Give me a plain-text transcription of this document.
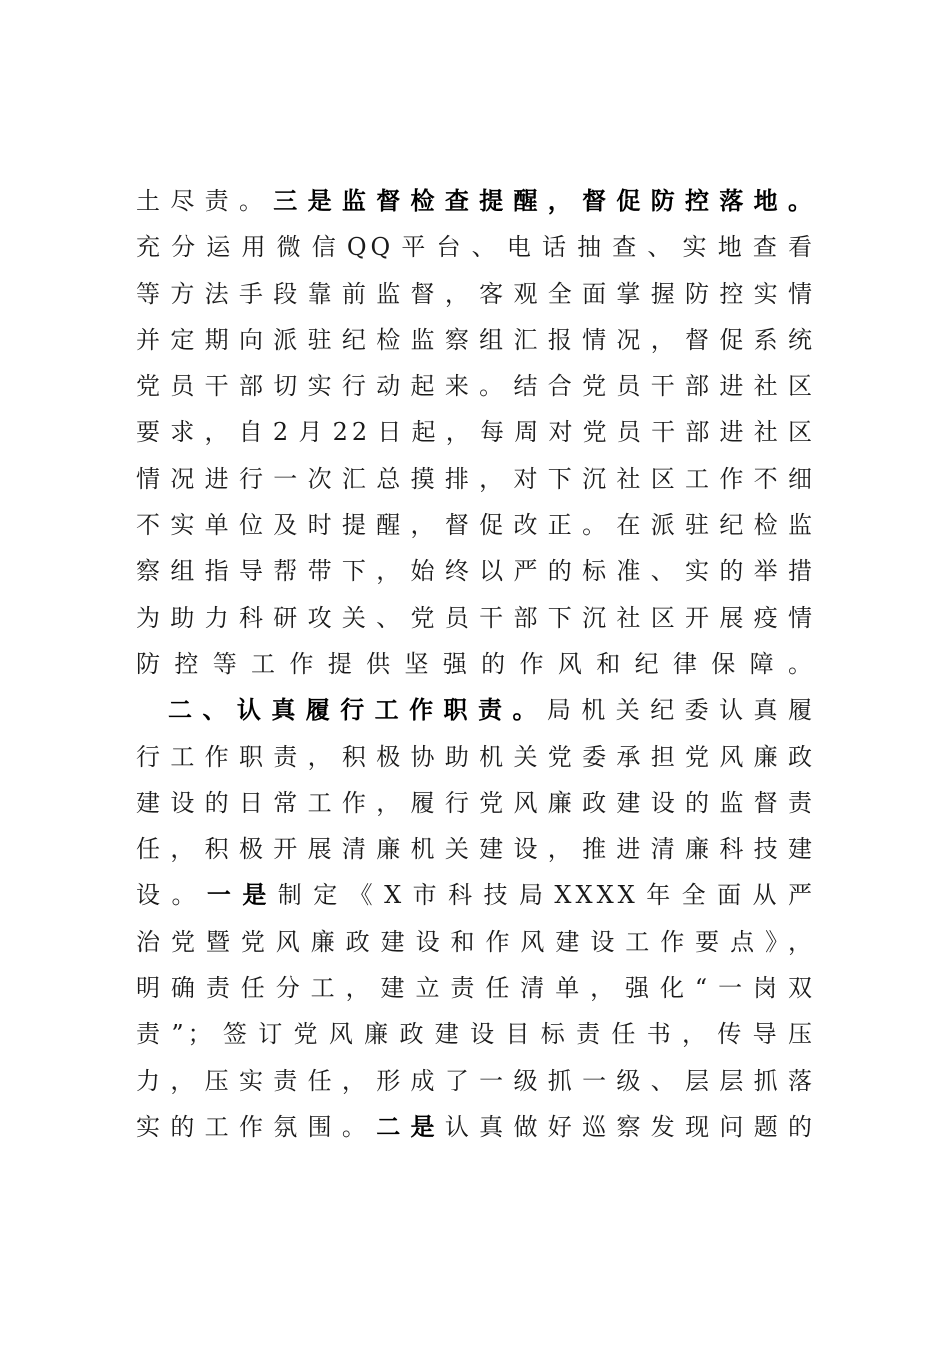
土尽责。三是监督检查提醒，督促防控落地。
充分运用微信QQ平台、电话抽查、实地查看
等方法手段靠前监督，客观全面掌握防控实情
并定期向派驻纪检监察组汇报情况，督促系统
党员干部切实行动起来。结合党员干部进社区
要求，自2月22日起，每周对党员干部进社区
情况进行一次汇总摸排，对下沉社区工作不细
不实单位及时提醒，督促改正。在派驻纪检监
察组指导帮带下，始终以严的标准、实的举措
为助力科研攻关、党员干部下沉社区开展疫情
防控等工作提供坚强的作风和纪律保障。
二、认真履行工作职责。局机关纪委认真履
行工作职责，积极协助机关党委承担党风廉政
建设的日常工作，履行党风廉政建设的监督责
任，积极开展清廉机关建设，推进清廉科技建
设。一是制定《X市科技局XXXX年全面从严
治党暨党风廉政建设和作风建设工作要点》，
明确责任分工，建立责任清单，强化“一岗双
责”；签订党风廉政建设目标责任书，传导压
力，压实责任，形成了一级抓一级、层层抓落
实的工作氛围。二是认真做好巡察发现问题的
